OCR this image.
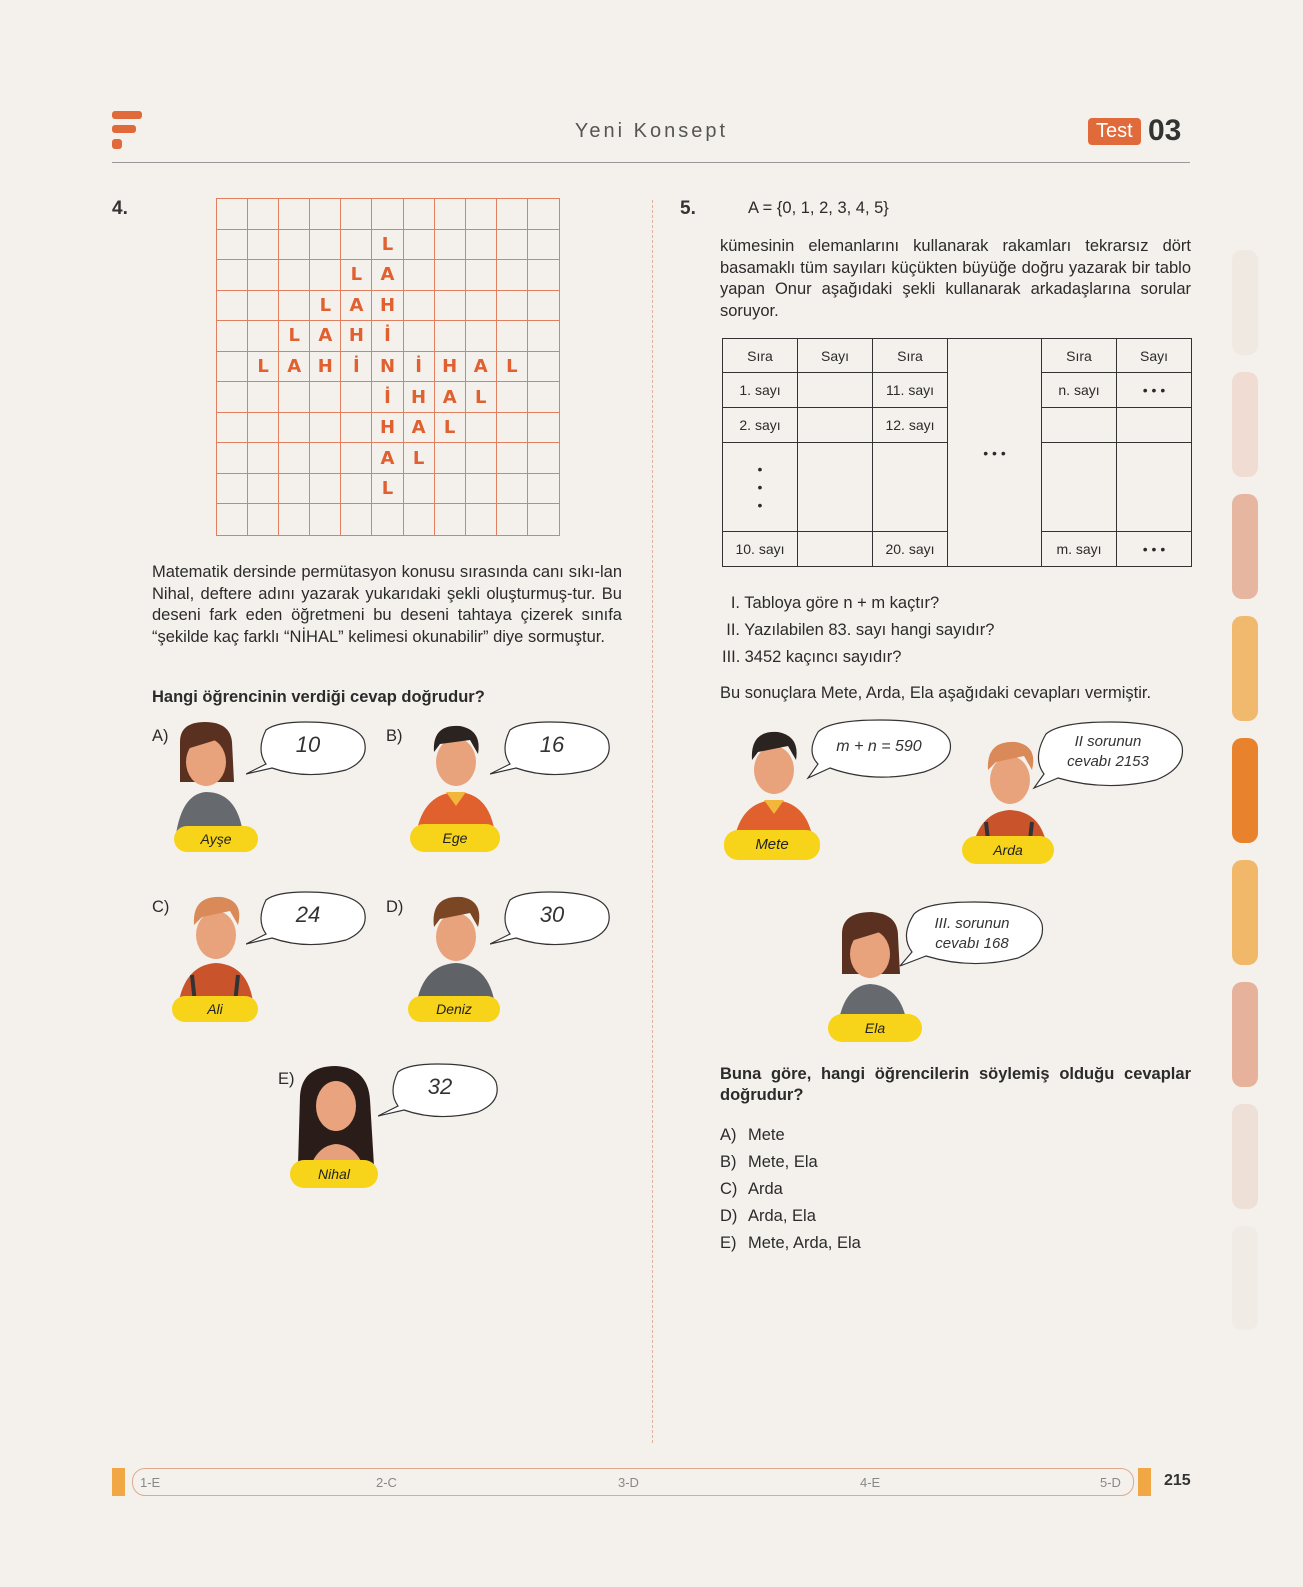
Yeni Konsept	Test 03
4.
L
L	A
L	A H
L	A H	İ
L	A H	İ	N	İ	H A	L
İ	H A	L
H A	L
A	L
L
Matematik dersinde permütasyon konusu sırasında canı sıkı-lan Nihal, deftere adını yazarak yukarıdaki şekli oluşturmuş-tur. Bu deseni fark eden öğretmeni bu deseni tahtaya çizerek sınıfa “şekilde kaç farklı “NİHAL” kelimesi okunabilir” diye sormuştur.
Hangi öğrencinin verdiği cevap doğrudur?
A)
Ayşe
10	B)
Ege
16
C)
Ali
24	D)
Deniz
30
E)
Nihal
32
5.	A = {0, 1, 2, 3, 4, 5}
kümesinin elemanlarını kullanarak rakamları tekrarsız dört basamaklı tüm sayıları küçükten büyüğe doğru yazarak bir tablo yapan Onur aşağıdaki şekli kullanarak arkadaşlarına sorular soruyor.
Sıra	Sayı	Sıra	• • •	Sıra	Sayı
1. sayı		11. sayı		n. sayı	• • •
2. sayı		12. sayı			
•
•
•					
10. sayı		20. sayı		m. sayı	• • •
I. Tabloya göre n + m kaçtır?
II. Yazılabilen 83. sayı hangi sayıdır?
III. 3452 kaçıncı sayıdır?
Bu sonuçlara Mete, Arda, Ela aşağıdaki cevapları vermiştir.
Mete
m + n = 590
Arda
II sorunun
cevabı 2153
Ela
III. sorunun
cevabı 168
Buna göre, hangi öğrencilerin söylemiş olduğu cevaplar doğrudur?
A) Mete
B) Mete, Ela
C) Arda
D) Arda, Ela
E) Mete, Arda, Ela
1-E	2-C	3-D	4-E	5-D	215
